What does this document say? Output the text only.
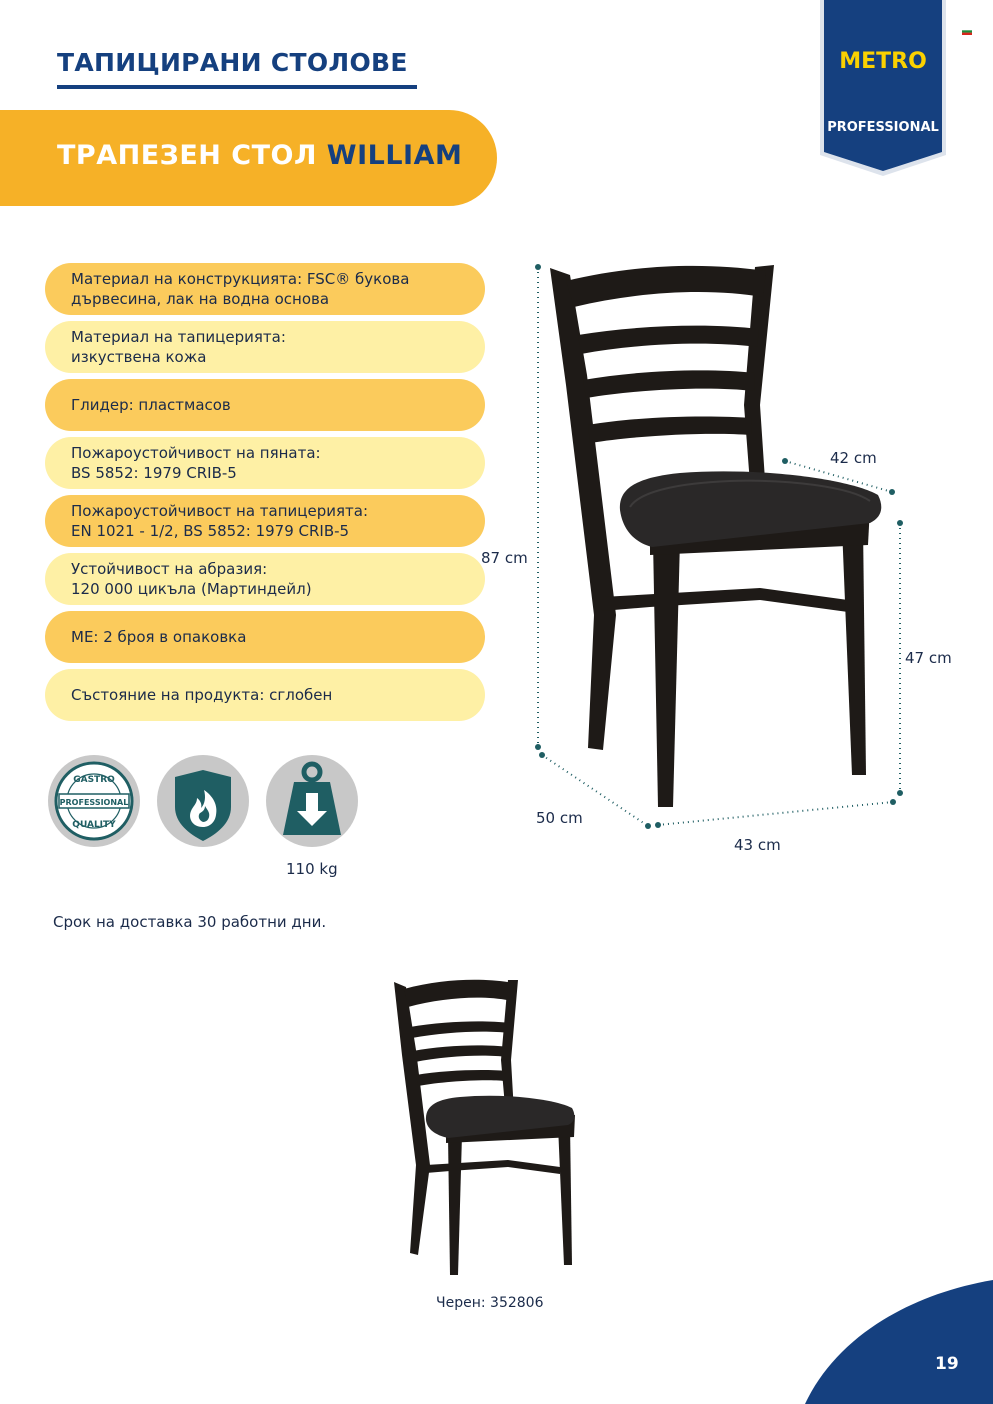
ТАПИЦИРАНИ СТОЛОВЕ	METRO
PROFESSIONAL
ТРАПЕЗЕН СТОЛ WILLIAM
Материал на конструкцията: FSC® букова
дървесина, лак на водна основа
Материал на тапицерията:
изкуствена кожа
Глидер: пластмасов
Пожароустойчивост на пяната:
BS 5852: 1979 CRIB-5
Пожароустойчивост на тапицерията:
EN 1021 - 1/2, BS 5852: 1979 CRIB-5
Устойчивост на абразия:
120 000 цикъла (Мартиндейл)
МЕ: 2 броя в опаковка
Състояние на продукта: сглобен
GASTRO
PROFESSIONAL
QUALITY
110 kg
Срок на доставка 30 работни дни.
87 cm
42 cm
47 cm
50 cm
43 cm
Черен: 352806
19
